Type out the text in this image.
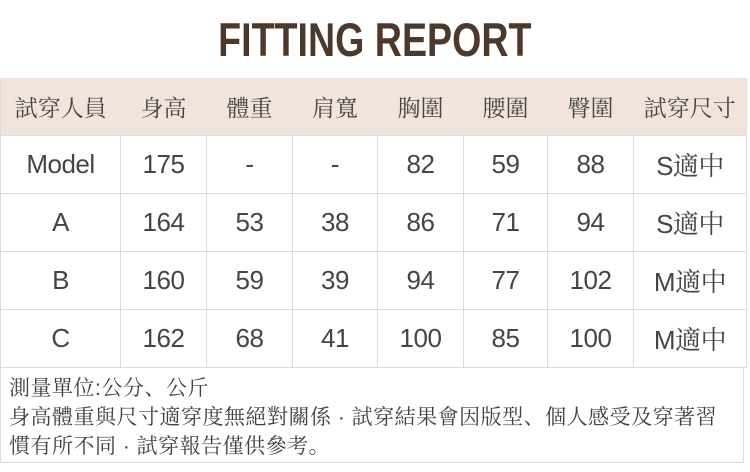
FITTING REPORT
試穿人員	身高	體重	肩寬	胸圍	腰圍	臀圍	試穿尺寸
Model	175	-	-	82	59	88	S適中
A	164	53	38	86	71	94	S適中
B	160	59	39	94	77	102	M適中
C	162	68	41	100	85	100	M適中

測量單位:公分、公斤

身高體重與尺寸適穿度無絕對關係 · 試穿結果會因版型、個人感受及穿著習慣有所不同 · 試穿報告僅供參考。
